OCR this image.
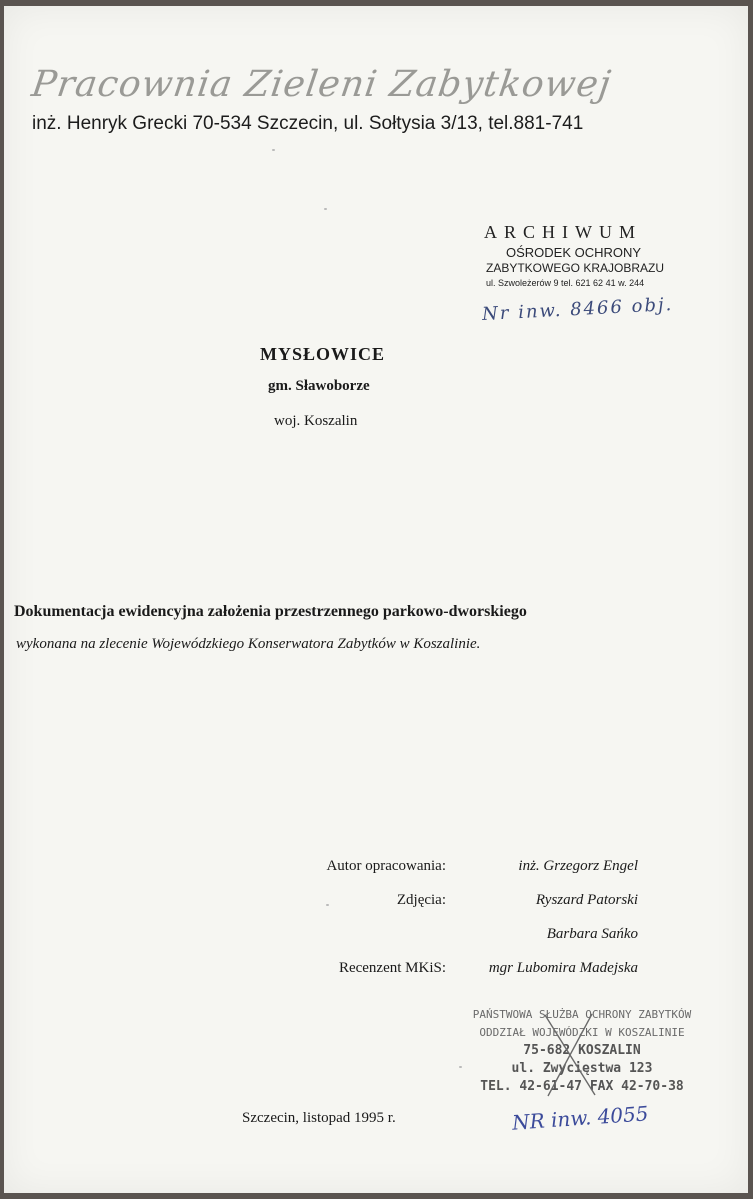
Pracownia Zieleni Zabytkowej
inż. Henryk Grecki 70-534 Szczecin, ul. Sołtysia 3/13, tel.881-741
ARCHIWUM
OŚRODEK OCHRONY
ZABYTKOWEGO KRAJOBRAZU
ul. Szwoleżerów 9 tel. 621 62 41 w. 244
Nr inw. 8466 obj.
MYSŁOWICE
gm. Sławoborze
woj. Koszalin
Dokumentacja ewidencyjna założenia przestrzennego parkowo-dworskiego
wykonana na zlecenie Wojewódzkiego Konserwatora Zabytków w Koszalinie.
Autor opracowania:	inż. Grzegorz Engel
Zdjęcia:	Ryszard Patorski
Barbara Sańko
Recenzent MKiS:	mgr Lubomira Madejska
PAŃSTWOWA SŁUŻBA OCHRONY ZABYTKÓW
ODDZIAŁ WOJEWÓDZKI W KOSZALINIE
75-682 KOSZALIN
ul. Zwycięstwa 123
TEL. 42-61-47 FAX 42-70-38
NR inw. 4055
Szczecin, listopad 1995 r.
